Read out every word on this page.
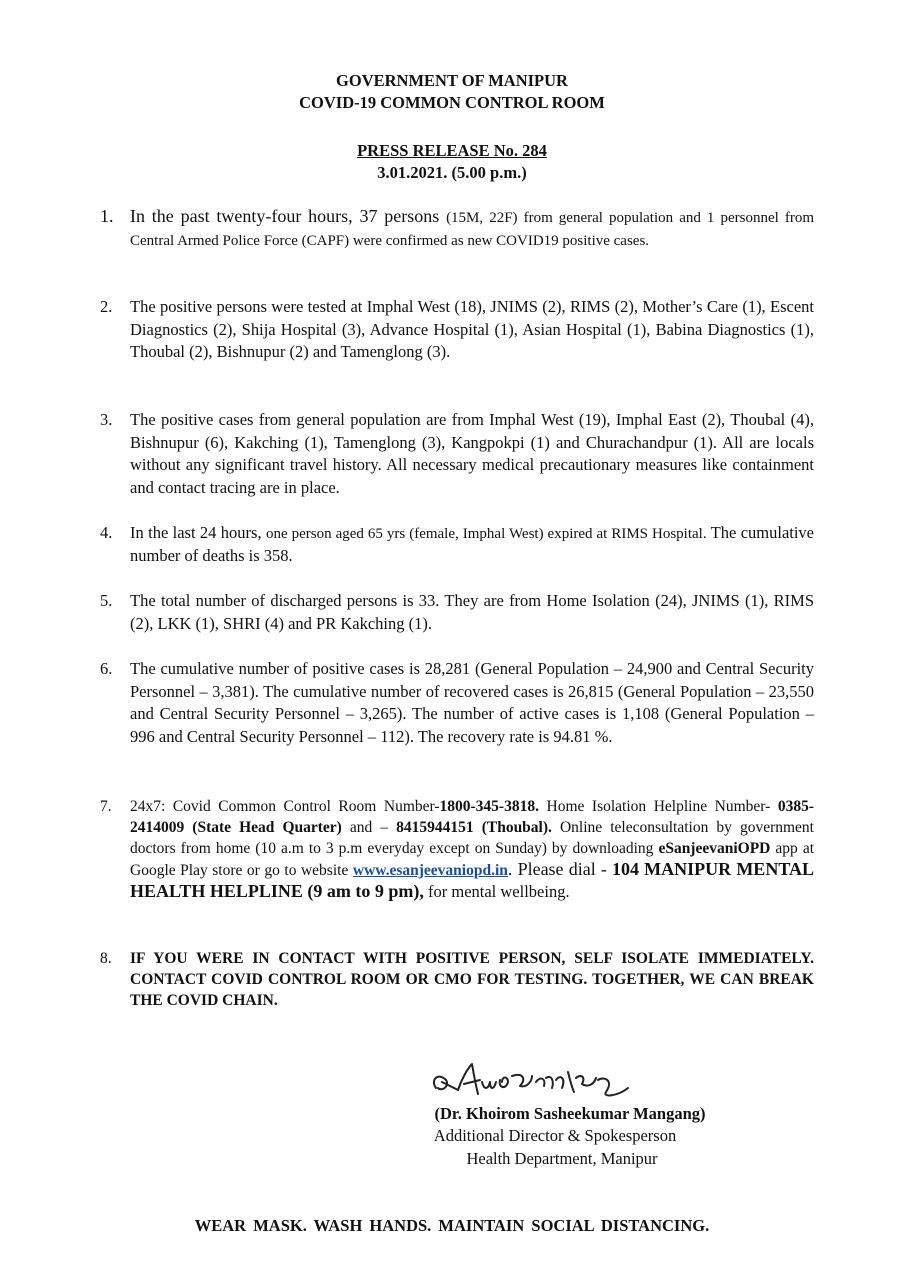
GOVERNMENT OF MANIPUR
COVID-19 COMMON CONTROL ROOM
PRESS RELEASE No. 284
3.01.2021. (5.00 p.m.)
1. In the past twenty-four hours, 37 persons (15M, 22F) from general population and 1 personnel from Central Armed Police Force (CAPF) were confirmed as new COVID19 positive cases.
2.	The positive persons were tested at Imphal West (18), JNIMS (2), RIMS (2), Mother’s Care (1), Escent Diagnostics (2), Shija Hospital (3), Advance Hospital (1), Asian Hospital (1), Babina Diagnostics (1), Thoubal (2), Bishnupur (2) and Tamenglong (3).
3.	The positive cases from general population are from Imphal West (19), Imphal East (2), Thoubal (4), Bishnupur (6), Kakching (1), Tamenglong (3), Kangpokpi (1) and Churachandpur (1). All are locals without any significant travel history. All necessary medical precautionary measures like containment and contact tracing are in place.
4.	In the last 24 hours, one person aged 65 yrs (female, Imphal West) expired at RIMS Hospital. The cumulative number of deaths is 358.
5.	The total number of discharged persons is 33. They are from Home Isolation (24), JNIMS (1), RIMS (2), LKK (1), SHRI (4) and PR Kakching (1).
6.	The cumulative number of positive cases is 28,281 (General Population – 24,900 and Central Security Personnel – 3,381). The cumulative number of recovered cases is 26,815 (General Population – 23,550 and Central Security Personnel – 3,265). The number of active cases is 1,108 (General Population – 996 and Central Security Personnel – 112). The recovery rate is 94.81 %.
7.	24x7: Covid Common Control Room Number-1800-345-3818. Home Isolation Helpline Number- 0385-2414009 (State Head Quarter) and – 8415944151 (Thoubal). Online teleconsultation by government doctors from home (10 a.m to 3 p.m everyday except on Sunday) by downloading eSanjeevaniOPD app at Google Play store or go to website www.esanjeevaniopd.in. Please dial - 104 MANIPUR MENTAL HEALTH HELPLINE (9 am to 9 pm), for mental wellbeing.
8.	IF YOU WERE IN CONTACT WITH POSITIVE PERSON, SELF ISOLATE IMMEDIATELY. CONTACT COVID CONTROL ROOM OR CMO FOR TESTING. TOGETHER, WE CAN BREAK THE COVID CHAIN.
(Dr. Khoirom Sasheekumar Mangang)
Additional Director & Spokesperson
Health Department, Manipur
WEAR MASK. WASH HANDS. MAINTAIN SOCIAL DISTANCING.
